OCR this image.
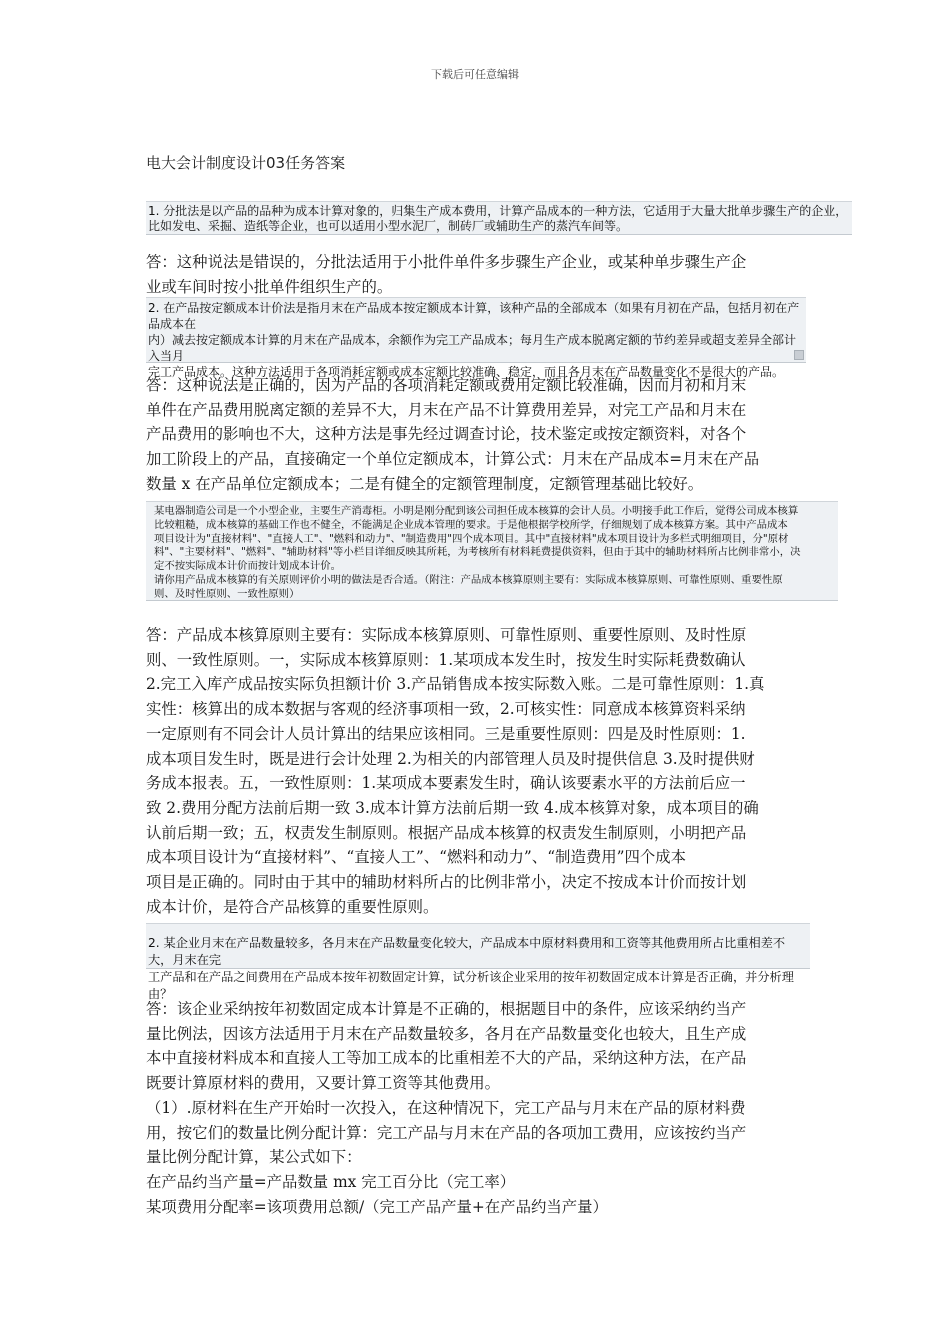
下载后可任意编辑
电大会计制度设计03任务答案

1. 分批法是以产品的品种为成本计算对象的，归集生产成本费用，计算产品成本的一种方法，它适用于大量大批单步骤生产的企业，
比如发电、采掘、造纸等企业，也可以适用小型水泥厂，制砖厂或辅助生产的蒸汽车间等。

答：这种说法是错误的，分批法适用于小批件单件多步骤生产企业，或某种单步骤生产企
业或车间时按小批单件组织生产的。

2. 在产品按定额成本计价法是指月末在产品成本按定额成本计算，该种产品的全部成本（如果有月初在产品，包括月初在产品成本在
内）减去按定额成本计算的月末在产品成本，余额作为完工产品成本；每月生产成本脱离定额的节约差异或超支差异全部计入当月
完工产品成本。这种方法适用于各项消耗定额或成本定额比较准确、稳定，而且各月末在产品数量变化不是很大的产品。

答：这种说法是正确的，因为产品的各项消耗定额或费用定额比较准确，因而月初和月末
单件在产品费用脱离定额的差异不大，月末在产品不计算费用差异，对完工产品和月末在
产品费用的影响也不大，这种方法是事先经过调查讨论，技术鉴定或按定额资料，对各个
加工阶段上的产品，直接确定一个单位定额成本，计算公式：月末在产品成本=月末在产品
数量 x 在产品单位定额成本；二是有健全的定额管理制度，定额管理基础比较好。

某电器制造公司是一个小型企业，主要生产消毒柜。小明是刚分配到该公司担任成本核算的会计人员。小明接手此工作后，觉得公司成本核算
比较粗糙，成本核算的基础工作也不健全，不能满足企业成本管理的要求。于是他根据学校所学，仔细规划了成本核算方案。其中产品成本
项目设计为"直接材料"、"直接人工"、"燃料和动力"、"制造费用"四个成本项目。其中"直接材料"成本项目设计为多栏式明细项目，分"原材
料"、"主要材料"、"燃料"、"辅助材料"等小栏目详细反映其所耗，为考核所有材料耗费提供资料，但由于其中的辅助材料所占比例非常小，决
定不按实际成本计价而按计划成本计价。
请你用产品成本核算的有关原则评价小明的做法是否合适。（附注：产品成本核算原则主要有：实际成本核算原则、可靠性原则、重要性原
则、及时性原则、一致性原则）

答：产品成本核算原则主要有：实际成本核算原则、可靠性原则、重要性原则、及时性原
则、一致性原则。一，实际成本核算原则：1.某项成本发生时，按发生时实际耗费数确认
2.完工入库产成品按实际负担额计价 3.产品销售成本按实际数入账。二是可靠性原则：1.真
实性：核算出的成本数据与客观的经济事项相一致，2.可核实性：同意成本核算资料采纳
一定原则有不同会计人员计算出的结果应该相同。三是重要性原则：四是及时性原则：1.
成本项目发生时，既是进行会计处理 2.为相关的内部管理人员及时提供信息 3.及时提供财
务成本报表。五，一致性原则：1.某项成本要素发生时，确认该要素水平的方法前后应一
致 2.费用分配方法前后期一致 3.成本计算方法前后期一致 4.成本核算对象，成本项目的确
认前后期一致；五，权责发生制原则。根据产品成本核算的权责发生制原则，小明把产品
成本项目设计为“直接材料”、“直接人工”、“燃料和动力”、“制造费用”四个成本
项目是正确的。同时由于其中的辅助材料所占的比例非常小，决定不按成本计价而按计划
成本计价，是符合产品核算的重要性原则。

2. 某企业月末在产品数量较多，各月末在产品数量变化较大，产品成本中原材料费用和工资等其他费用所占比重相差不大，月末在完
工产品和在产品之间费用在产品成本按年初数固定计算，试分析该企业采用的按年初数固定成本计算是否正确，并分析理由？

答：该企业采纳按年初数固定成本计算是不正确的，根据题目中的条件，应该采纳约当产
量比例法，因该方法适用于月末在产品数量较多，各月在产品数量变化也较大，且生产成
本中直接材料成本和直接人工等加工成本的比重相差不大的产品，采纳这种方法，在产品
既要计算原材料的费用，又要计算工资等其他费用。
（1）.原材料在生产开始时一次投入，在这种情况下，完工产品与月末在产品的原材料费
用，按它们的数量比例分配计算：完工产品与月末在产品的各项加工费用，应该按约当产
量比例分配计算，某公式如下：
在产品约当产量=产品数量 mx 完工百分比（完工率）
某项费用分配率=该项费用总额/（完工产品产量+在产品约当产量）
